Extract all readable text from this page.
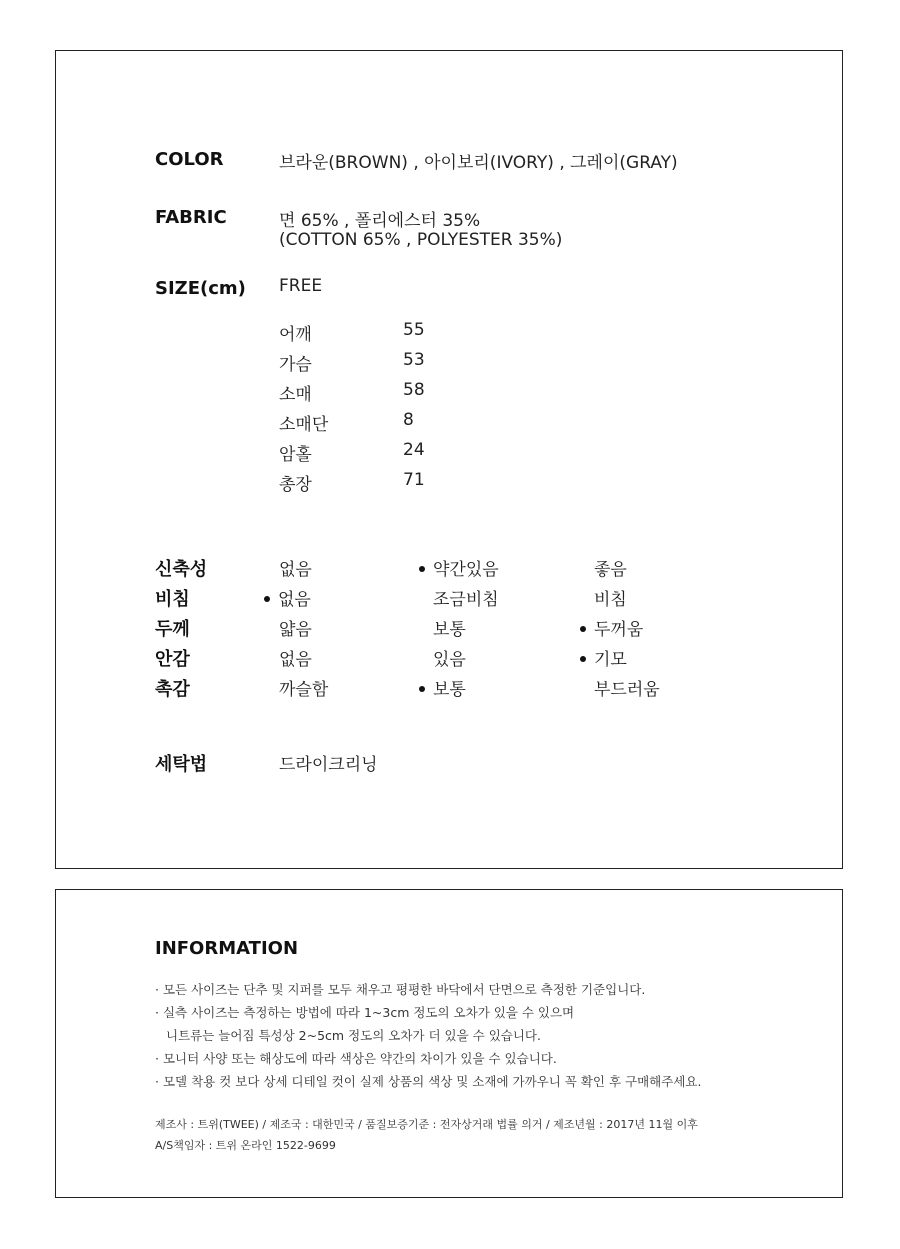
COLOR	브라운(BROWN) , 아이보리(IVORY) , 그레이(GRAY)
FABRIC	면 65% , 폴리에스터 35%
(COTTON 65% , POLYESTER 35%)
SIZE(cm) FREE
어깨	55
가슴	53
소매	58
소매단	8
암홀	24
총장	71
신축성	없음	약간있음	좋음
비침	없음	조금비침	비침
두께	얇음	보통	두꺼움
안감	없음	있음	기모
촉감	까슬함	보통	부드러움
세탁법	드라이크리닝
INFORMATION
· 모든 사이즈는 단추 및 지퍼를 모두 채우고 평평한 바닥에서 단면으로 측정한 기준입니다.
· 실측 사이즈는 측정하는 방법에 따라 1~3cm 정도의 오차가 있을 수 있으며
니트류는 늘어짐 특성상 2~5cm 정도의 오차가 더 있을 수 있습니다.
· 모니터 사양 또는 해상도에 따라 색상은 약간의 차이가 있을 수 있습니다.
· 모델 착용 컷 보다 상세 디테일 컷이 실제 상품의 색상 및 소재에 가까우니 꼭 확인 후 구매해주세요.
제조사 : 트위(TWEE) / 제조국 : 대한민국 / 품질보증기준 : 전자상거래 법률 의거 / 제조년월 : 2017년 11월 이후
A/S책임자 : 트위 온라인 1522-9699
